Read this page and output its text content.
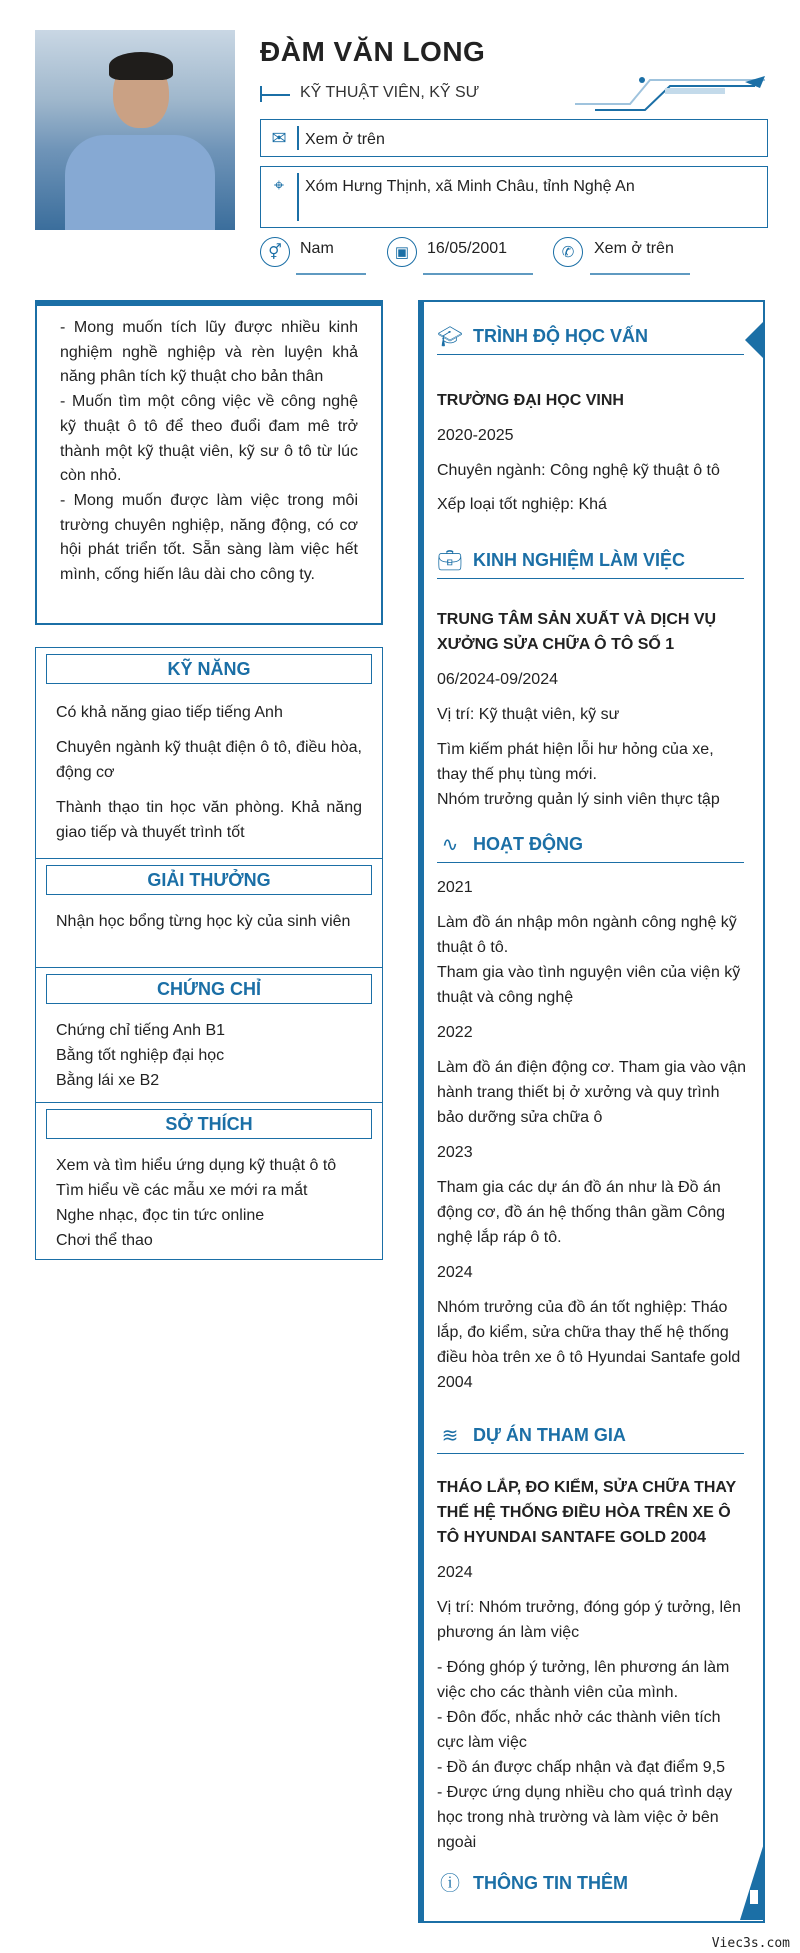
ĐÀM VĂN LONG
KỸ THUẬT VIÊN, KỸ SƯ
✉	Xem ở trên
⌖	Xóm Hưng Thịnh, xã Minh Châu, tỉnh Nghệ An
⚥	Nam	▣	16/05/2001	✆	Xem ở trên
- Mong muốn tích lũy được nhiều kinh nghiệm nghề nghiệp và rèn luyện khả năng phân tích kỹ thuật cho bản thân
- Muốn tìm một công việc về công nghệ kỹ thuật ô tô để theo đuổi đam mê trở thành một kỹ thuật viên, kỹ sư ô tô từ lúc còn nhỏ.
- Mong muốn được làm việc trong môi trường chuyên nghiệp, năng động, có cơ hội phát triển tốt. Sẵn sàng làm việc hết mình, cống hiến lâu dài cho công ty.
KỸ NĂNG

Có khả năng giao tiếp tiếng Anh

Chuyên ngành kỹ thuật điện ô tô, điều hòa, động cơ

Thành thạo tin học văn phòng. Khả năng giao tiếp và thuyết trình tốt

GIẢI THƯỞNG

Nhận học bổng từng học kỳ của sinh viên

CHỨNG CHỈ
Chứng chỉ tiếng Anh B1
Bằng tốt nghiệp đại học
Bằng lái xe B2
SỞ THÍCH
Xem và tìm hiểu ứng dụng kỹ thuật ô tô
Tìm hiểu về các mẫu xe mới ra mắt
Nghe nhạc, đọc tin tức online
Chơi thể thao
🎓︎ TRÌNH ĐỘ HỌC VẤN
TRƯỜNG ĐẠI HỌC VINH
2020-2025
Chuyên ngành: Công nghệ kỹ thuật ô tô
Xếp loại tốt nghiệp: Khá
💼︎ KINH NGHIỆM LÀM VIỆC
TRUNG TÂM SẢN XUẤT VÀ DỊCH VỤ XƯỞNG SỬA CHỮA Ô TÔ SỐ 1
06/2024-09/2024
Vị trí: Kỹ thuật viên, kỹ sư
Tìm kiếm phát hiện lỗi hư hỏng của xe, thay thế phụ tùng mới.
Nhóm trưởng quản lý sinh viên thực tập
∿ HOẠT ĐỘNG
2021
Làm đồ án nhập môn ngành công nghệ kỹ thuật ô tô.
Tham gia vào tình nguyện viên của viện kỹ thuật và công nghệ
2022
Làm đồ án điện động cơ. Tham gia vào vận hành trang thiết bị ở xưởng và quy trình bảo dưỡng sửa chữa ô
2023
Tham gia các dự án đồ án như là Đồ án động cơ, đồ án hệ thống thân gầm Công nghệ lắp ráp ô tô.
2024
Nhóm trưởng của đồ án tốt nghiệp: Tháo lắp, đo kiểm, sửa chữa thay thế hệ thống điều hòa trên xe ô tô Hyundai Santafe gold 2004
≋ DỰ ÁN THAM GIA
THÁO LẮP, ĐO KIỂM, SỬA CHỮA THAY THẾ HỆ THỐNG ĐIỀU HÒA TRÊN XE Ô TÔ HYUNDAI SANTAFE GOLD 2004
2024
Vị trí: Nhóm trưởng, đóng góp ý tưởng, lên phương án làm việc
- Đóng ghóp ý tưởng, lên phương án làm việc cho các thành viên của mình.
- Đôn đốc, nhắc nhở các thành viên tích cực làm việc
- Đồ án được chấp nhận và đạt điểm 9,5
- Được ứng dụng nhiều cho quá trình dạy học trong nhà trường và làm việc ở bên ngoài
ⓘ THÔNG TIN THÊM
Viec3s.com
